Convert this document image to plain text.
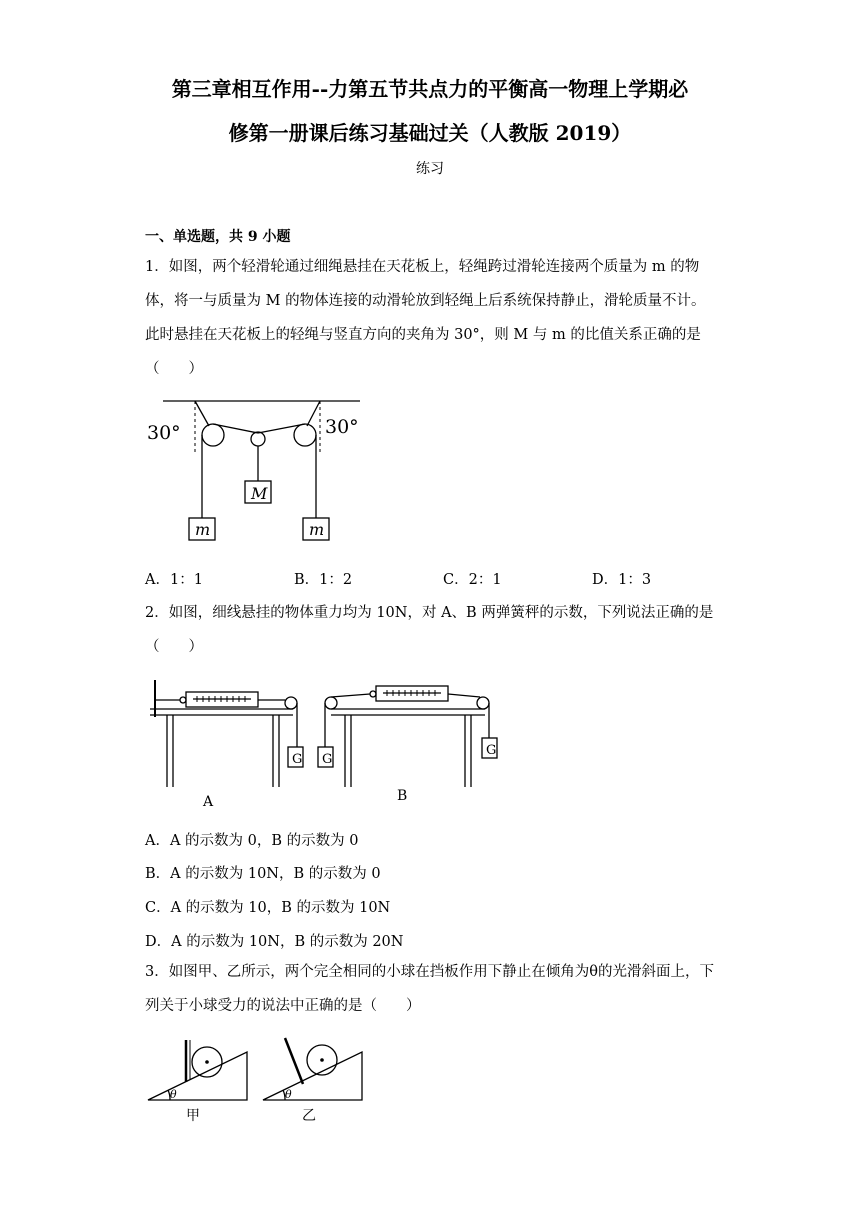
第三章相互作用--力第五节共点力的平衡高一物理上学期必
修第一册课后练习基础过关（人教版 2019）
练习
一、单选题，共 9 小题
1．如图，两个轻滑轮通过细绳悬挂在天花板上，轻绳跨过滑轮连接两个质量为 m 的物体，将一与质量为 M 的物体连接的动滑轮放到轻绳上后系统保持静止，滑轮质量不计。此时悬挂在天花板上的轻绳与竖直方向的夹角为 30°，则 M 与 m 的比值关系正确的是（　　）
30°	30°
M
m	m
A．1：1	B．1：2	C．2：1	D．1：3
2．如图，细线悬挂的物体重力均为 10N，对 A、B 两弹簧秤的示数，下列说法正确的是（　　）
G G
G
A	B
A．A 的示数为 0，B 的示数为 0
B．A 的示数为 10N，B 的示数为 0
C．A 的示数为 10，B 的示数为 10N
D．A 的示数为 10N，B 的示数为 20N
3．如图甲、乙所示，两个完全相同的小球在挡板作用下静止在倾角为θ的光滑斜面上，下列关于小球受力的说法中正确的是（　　）
θ	θ
甲	乙
